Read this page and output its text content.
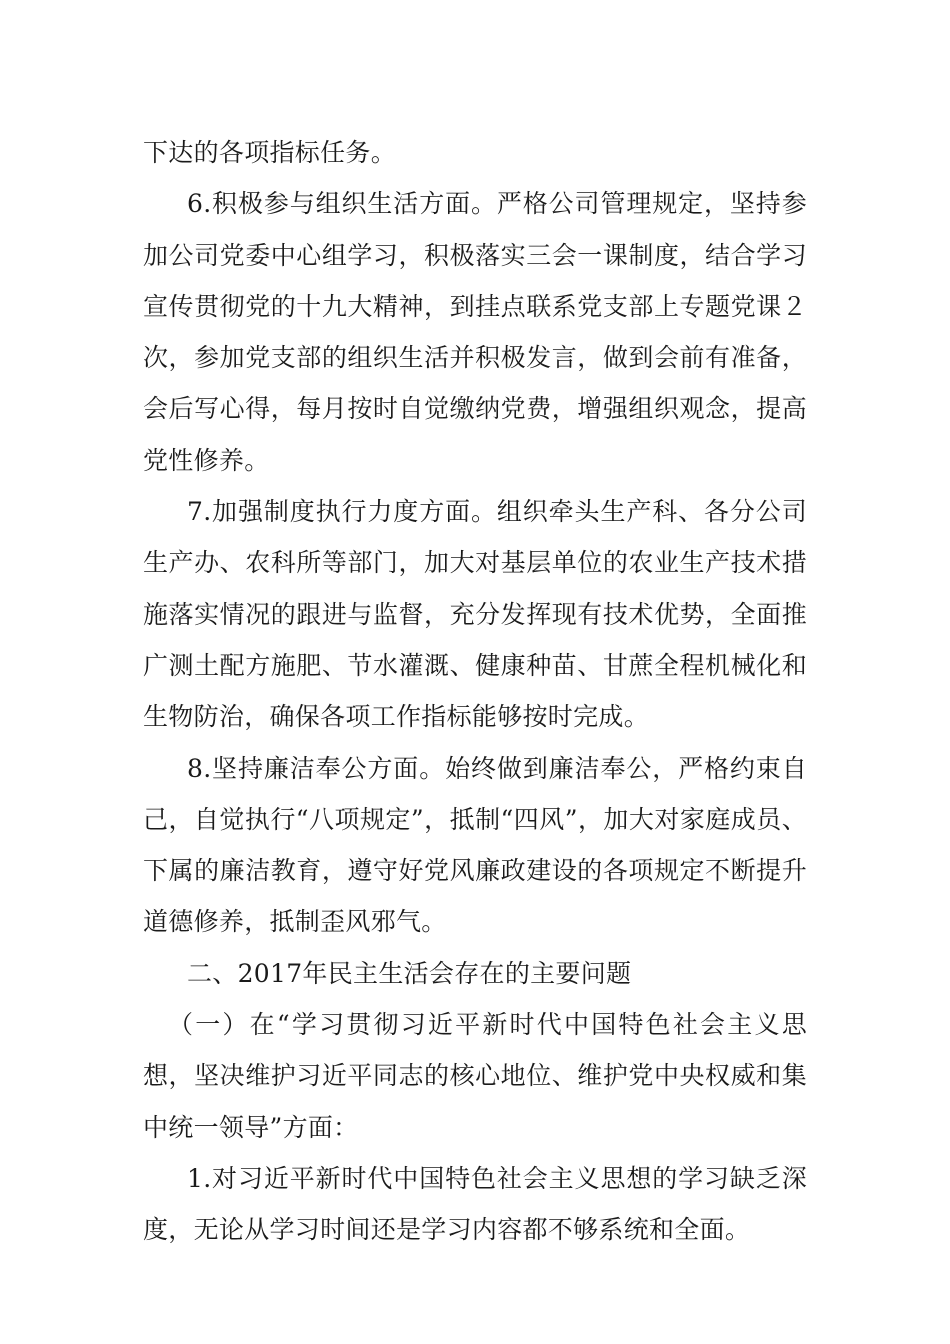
下达的各项指标任务。

6.积极参与组织生活方面。严格公司管理规定，坚持参加公司党委中心组学习，积极落实三会一课制度，结合学习宣传贯彻党的十九大精神，到挂点联系党支部上专题党课２次，参加党支部的组织生活并积极发言，做到会前有准备，会后写心得，每月按时自觉缴纳党费，增强组织观念，提高党性修养。

7.加强制度执行力度方面。组织牵头生产科、各分公司生产办、农科所等部门，加大对基层单位的农业生产技术措施落实情况的跟进与监督，充分发挥现有技术优势，全面推广测土配方施肥、节水灌溉、健康种苗、甘蔗全程机械化和生物防治，确保各项工作指标能够按时完成。

8.坚持廉洁奉公方面。始终做到廉洁奉公，严格约束自己，自觉执行“八项规定”，抵制“四风”，加大对家庭成员、下属的廉洁教育，遵守好党风廉政建设的各项规定不断提升道德修养，抵制歪风邪气。

二、2017年民主生活会存在的主要问题

（一）在“学习贯彻习近平新时代中国特色社会主义思想，坚决维护习近平同志的核心地位、维护党中央权威和集中统一领导”方面：

1.对习近平新时代中国特色社会主义思想的学习缺乏深度，无论从学习时间还是学习内容都不够系统和全面。
